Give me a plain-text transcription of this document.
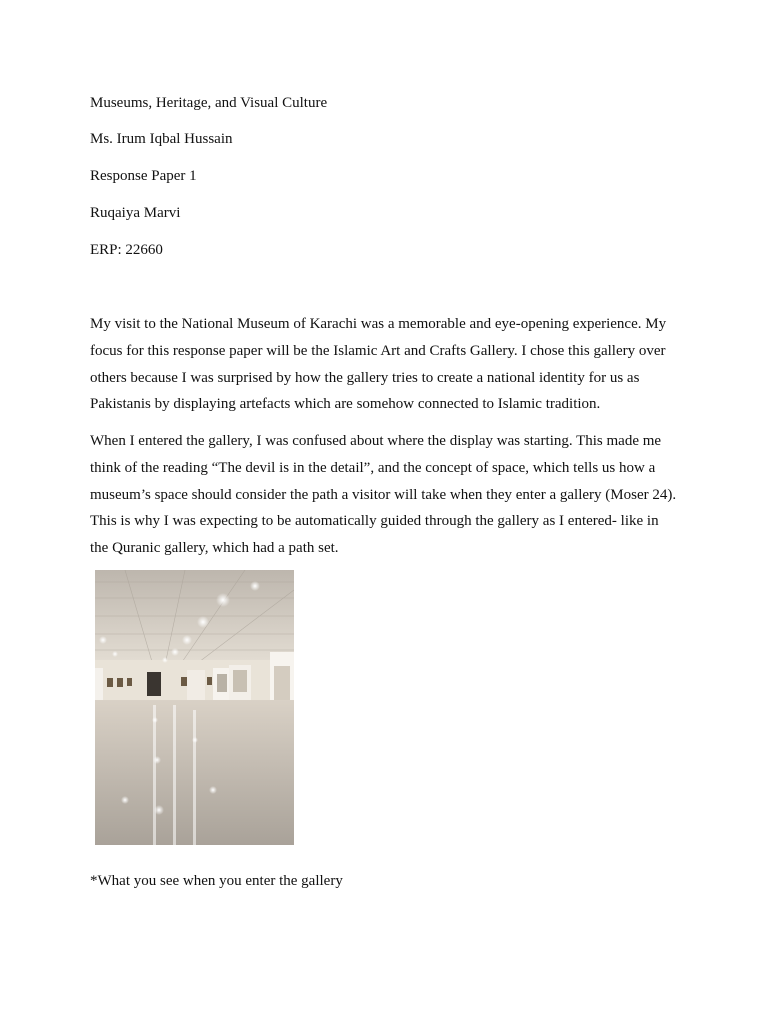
Museums, Heritage, and Visual Culture
Ms. Irum Iqbal Hussain
Response Paper 1
Ruqaiya Marvi
ERP: 22660

My visit to the National Museum of Karachi was a memorable and eye-opening experience. My focus for this response paper will be the Islamic Art and Crafts Gallery. I chose this gallery over others because I was surprised by how the gallery tries to create a national identity for us as Pakistanis by displaying artefacts which are somehow connected to Islamic tradition.

When I entered the gallery, I was confused about where the display was starting. This made me think of the reading “The devil is in the detail”, and the concept of space, which tells us how a museum’s space should consider the path a visitor will take when they enter a gallery (Moser 24). This is why I was expecting to be automatically guided through the gallery as I entered- like in the Quranic gallery, which had a path set.

*What you see when you enter the gallery
